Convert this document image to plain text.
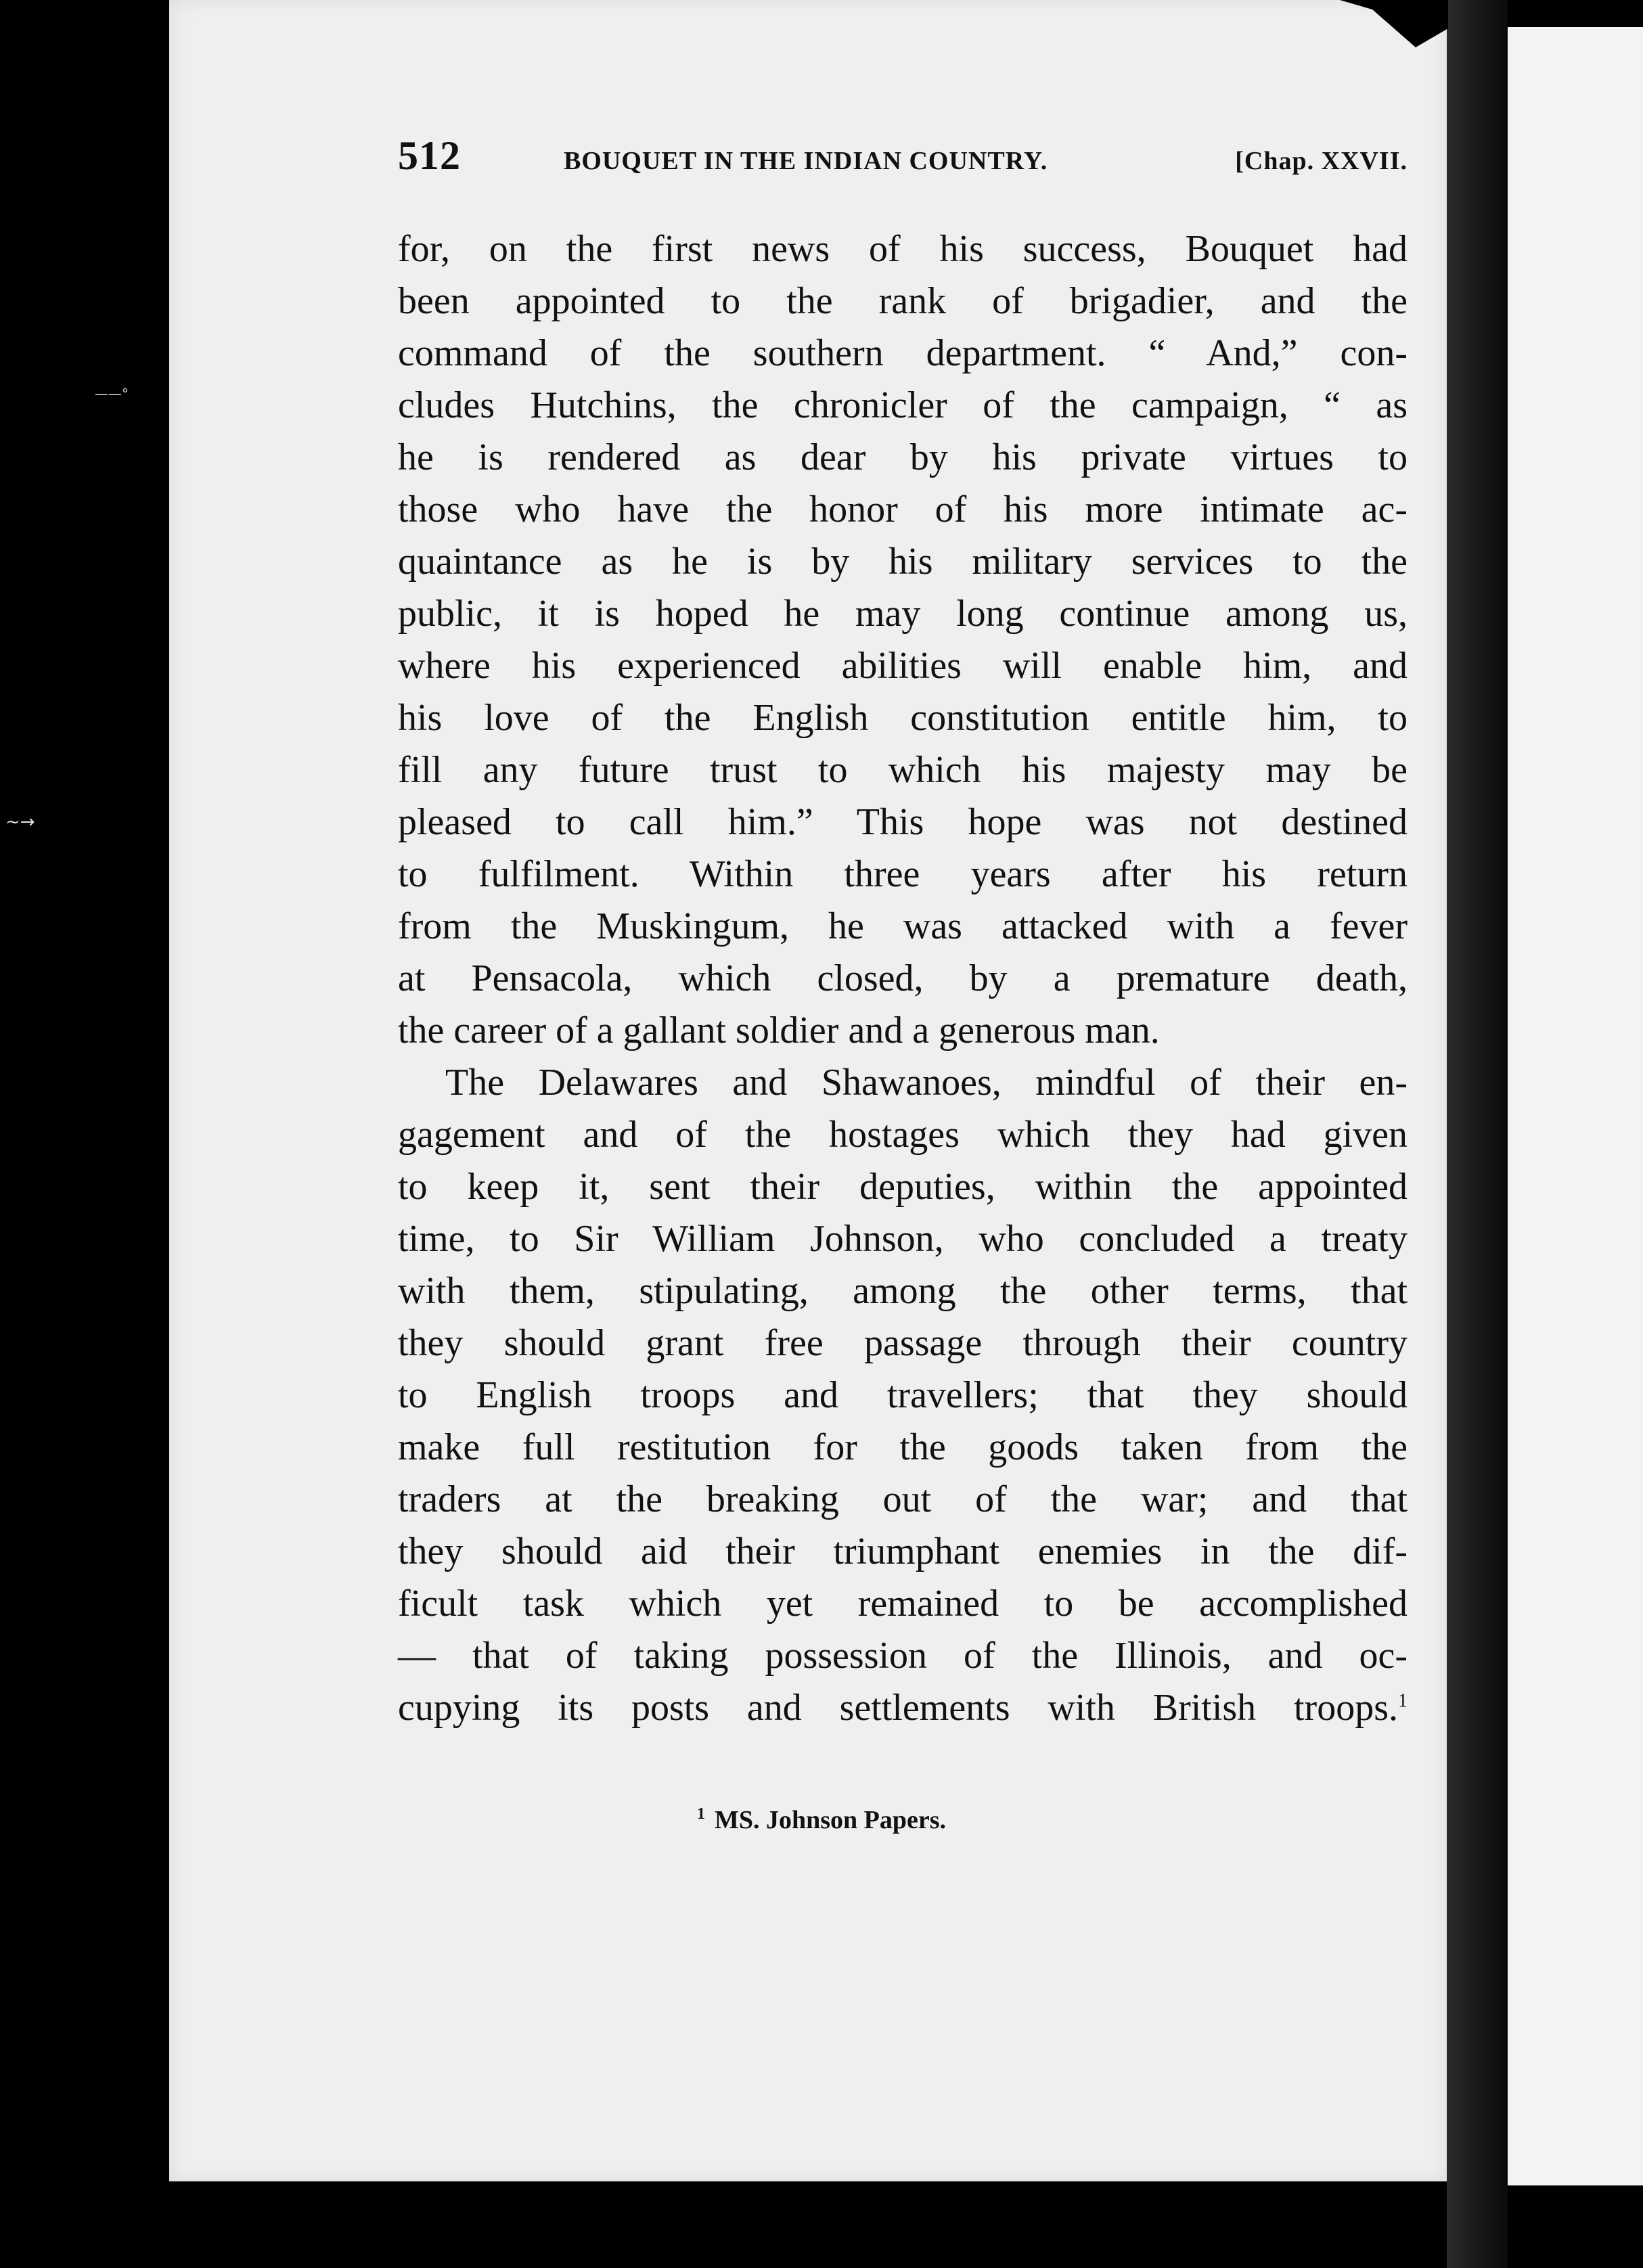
——°
~→
512	BOUQUET IN THE INDIAN COUNTRY.	[Chap. XXVII.
for, on the first news of his success, Bouquet had
been appointed to the rank of brigadier, and the
command of the southern department. “ And,” con-
cludes Hutchins, the chronicler of the campaign, “ as
he is rendered as dear by his private virtues to
those who have the honor of his more intimate ac-
quaintance as he is by his military services to the
public, it is hoped he may long continue among us,
where his experienced abilities will enable him, and
his love of the English constitution entitle him, to
fill any future trust to which his majesty may be
pleased to call him.” This hope was not destined
to fulfilment. Within three years after his return
from the Muskingum, he was attacked with a fever
at Pensacola, which closed, by a premature death,
the career of a gallant soldier and a generous man.
The Delawares and Shawanoes, mindful of their en-
gagement and of the hostages which they had given
to keep it, sent their deputies, within the appointed
time, to Sir William Johnson, who concluded a treaty
with them, stipulating, among the other terms, that
they should grant free passage through their country
to English troops and travellers; that they should
make full restitution for the goods taken from the
traders at the breaking out of the war; and that
they should aid their triumphant enemies in the dif-
ficult task which yet remained to be accomplished
— that of taking possession of the Illinois, and oc-
cupying its posts and settlements with British troops.$^1$
$^1$ MS. Johnson Papers.
